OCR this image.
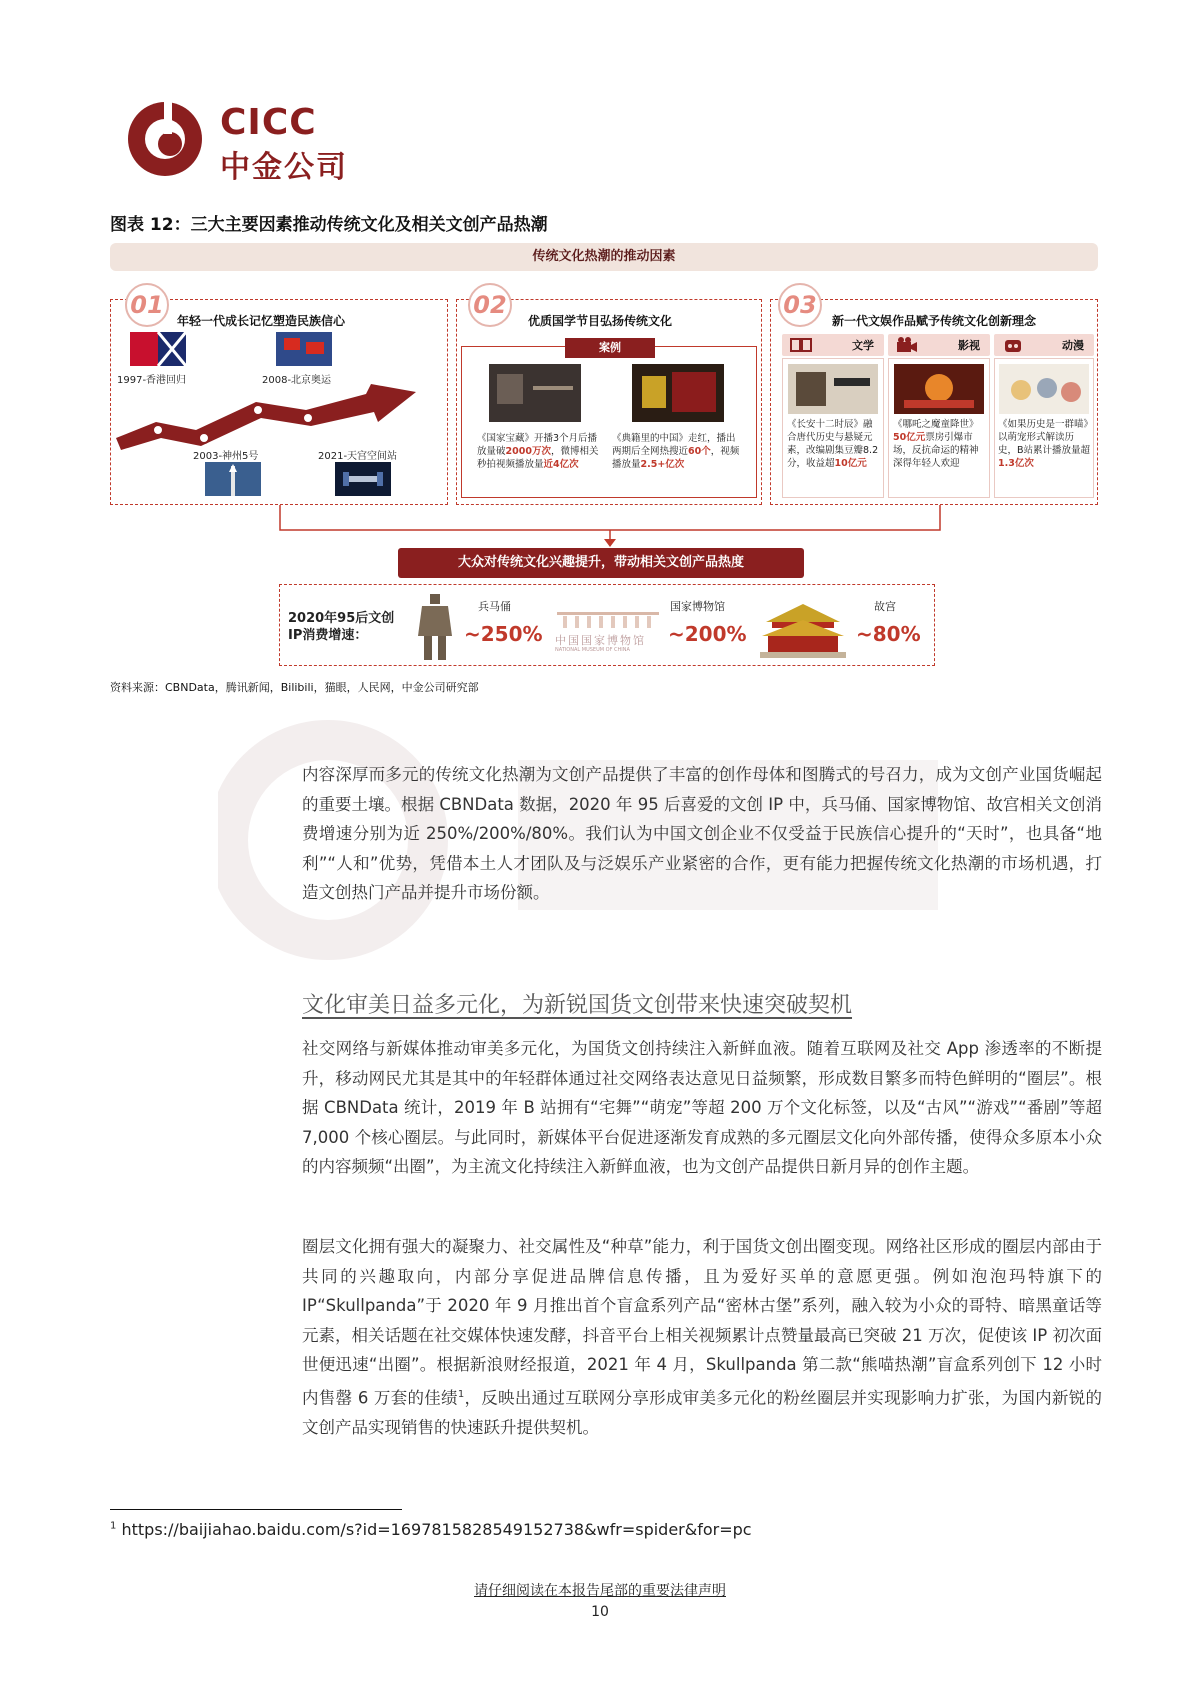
CICC
中金公司
图表 12：三大主要因素推动传统文化及相关文创产品热潮
传统文化热潮的推动因素
01
年轻一代成长记忆塑造民族信心
1997-香港回归	2008-北京奥运
2003-神州5号	2021-天宫空间站
02
优质国学节目弘扬传统文化
案例
《国家宝藏》开播3个月后播放量破2000万次，微博相关秒拍视频播放量近4亿次
《典籍里的中国》走红，播出两期后全网热搜近60个，视频播放量2.5+亿次
03
新一代文娱作品赋予传统文化创新理念
文学	影视	动漫
《长安十二时辰》融合唐代历史与悬疑元素，改编剧集豆瓣8.2分，收益超10亿元
《哪吒之魔童降世》50亿元票房引爆市场，反抗命运的精神深得年轻人欢迎
《如果历史是一群喵》以萌宠形式解读历史，B站累计播放量超1.3亿次
大众对传统文化兴趣提升，带动相关文创产品热度
2020年95后文创IP消费增速：
兵马俑
~250% 中国国家博物馆
NATIONAL MUSEUM OF CHINA
国家博物馆
~200%
故宫
~80%
资料来源：CBNData，腾讯新闻，Bilibili，猫眼，人民网，中金公司研究部
内容深厚而多元的传统文化热潮为文创产品提供了丰富的创作母体和图腾式的号召力，成为文创产业国货崛起的重要土壤。根据 CBNData 数据，2020 年 95 后喜爱的文创 IP 中，兵马俑、国家博物馆、故宫相关文创消费增速分别为近 250%/200%/80%。我们认为中国文创企业不仅受益于民族信心提升的“天时”，也具备“地利”“人和”优势，凭借本土人才团队及与泛娱乐产业紧密的合作，更有能力把握传统文化热潮的市场机遇，打造文创热门产品并提升市场份额。
文化审美日益多元化，为新锐国货文创带来快速突破契机
社交网络与新媒体推动审美多元化，为国货文创持续注入新鲜血液。随着互联网及社交 App 渗透率的不断提升，移动网民尤其是其中的年轻群体通过社交网络表达意见日益频繁，形成数目繁多而特色鲜明的“圈层”。根据 CBNData 统计，2019 年 B 站拥有“宅舞”“萌宠”等超 200 万个文化标签，以及“古风”“游戏”“番剧”等超 7,000 个核心圈层。与此同时，新媒体平台促进逐渐发育成熟的多元圈层文化向外部传播，使得众多原本小众的内容频频“出圈”，为主流文化持续注入新鲜血液，也为文创产品提供日新月异的创作主题。
圈层文化拥有强大的凝聚力、社交属性及“种草”能力，利于国货文创出圈变现。网络社区形成的圈层内部由于共同的兴趣取向，内部分享促进品牌信息传播，且为爱好买单的意愿更强。例如泡泡玛特旗下的 IP“Skullpanda”于 2020 年 9 月推出首个盲盒系列产品“密林古堡”系列，融入较为小众的哥特、暗黑童话等元素，相关话题在社交媒体快速发酵，抖音平台上相关视频累计点赞量最高已突破 21 万次，促使该 IP 初次面世便迅速“出圈”。根据新浪财经报道，2021 年 4 月，Skullpanda 第二款“熊喵热潮”盲盒系列创下 12 小时内售罄 6 万套的佳绩$^1$，反映出通过互联网分享形成审美多元化的粉丝圈层并实现影响力扩张，为国内新锐的文创产品实现销售的快速跃升提供契机。
$^1$ https://baijiahao.baidu.com/s?id=1697815828549152738&wfr=spider&for=pc
请仔细阅读在本报告尾部的重要法律声明
10
